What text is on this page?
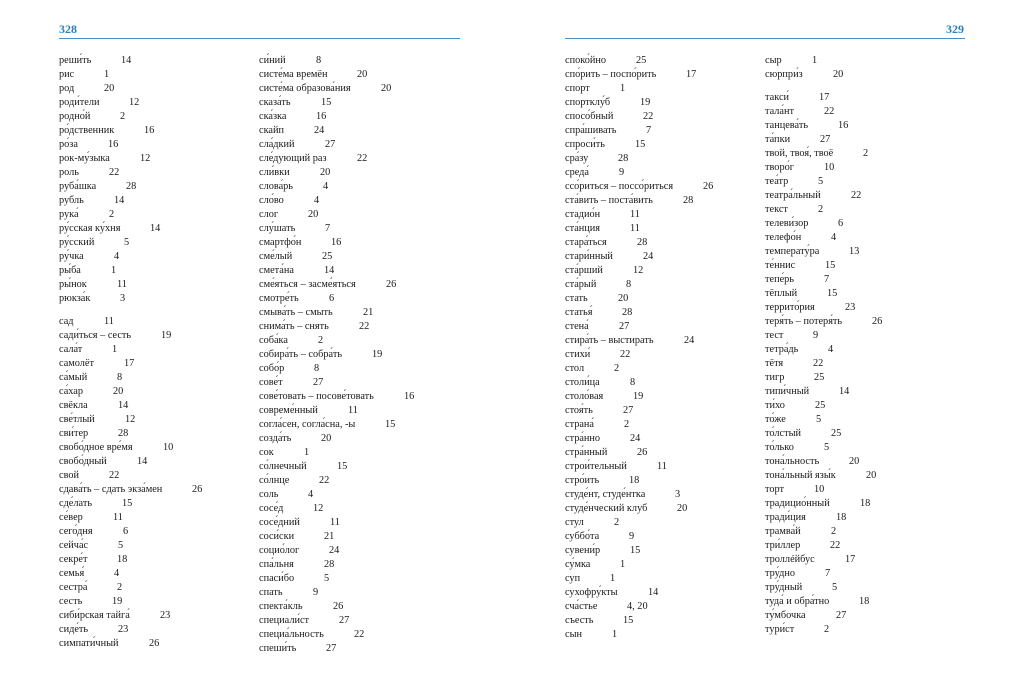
328	329
реши́ть	14
рис	1
род	20
роди́тели	12
родно́й	2
ро́дственник	16
ро́за	16
рок-му́зыка	12
роль	22
руба́шка	28
рубль	14
рука́	2
ру́сская ку́хня	14
ру́сский	5
ру́чка	4
ры́ба	1
ры́нок	11
рюкза́к	3
сад	11
сади́ться – сесть	19
сала́т	1
самолёт	17
са́мый	8
са́хар	20
свёкла	14
све́тлый	12
сви́тер	28
свобо́дное вре́мя	10
свобо́дный	14
свой	22
сдава́ть – сдать экза́мен	26
сде́лать	15
се́вер	11
сего́дня	6
сейча́с	5
секре́т	18
семья́	4
сестра́	2
сесть	19
сиби́рская тайга́	23
сиде́ть	23
симпати́чный	26
си́ний	8
систе́ма времён	20
систе́ма образова́ния	20
сказа́ть	15
ска́зка	16
скайп	24
сла́дкий	27
сле́дующий раз	22
сли́вки	20
слова́рь	4
сло́во	4
слог	20
слу́шать	7
смартфо́н	16
сме́лый	25
смета́на	14
сме́яться – засме́яться	26
смотре́ть	6
смыва́ть – смыть	21
снима́ть – снять	22
соба́ка	2
собира́ть – собра́ть	19
собо́р	8
сове́т	27
сове́товать – посове́товать	16
совреме́нный	11
согла́сен, согла́сна, -ы	15
созда́ть	20
сок	1
со́лнечный	15
со́лнце	22
соль	4
сосе́д	12
сосе́дний	11
соси́ски	21
социо́лог	24
спа́льня	28
спаси́бо	5
спать	9
спекта́кль	26
специали́ст	27
специа́льность	22
спеши́ть	27
споко́йно	25
спо́рить – поспо́рить	17
спорт	1
спортклу́б	19
спосо́бный	22
спра́шивать	7
спроси́ть	15
сра́зу	28
среда́	9
ссо́риться – поссо́риться	26
ста́вить – поста́вить	28
стадио́н	11
ста́нция	11
стара́ться	28
стари́нный	24
ста́рший	12
ста́рый	8
стать	20
статья́	28
стена́	27
стира́ть – выстирать	24
стихи́	22
стол	2
столи́ца	8
столо́вая	19
стоя́ть	27
страна́	2
стра́нно	24
стра́нный	26
строи́тельный	11
стро́ить	18
студе́нт, студе́нтка	3
студе́нческий клуб	20
стул	2
суббо́та	9
сувени́р	15
су́мка	1
суп	1
сухофру́кты	14
сча́стье	4, 20
съесть	15
сын	1
сыр	1
сюрпри́з	20
такси́	17
тала́нт	22
танцева́ть	16
та́пки	27
твой, твоя́, твоё	2
творо́г	10
теа́тр	5
театра́льный	22
текст	2
телеви́зор	6
телефо́н	4
температу́ра	13
те́ннис	15
тепе́рь	7
тёплый	15
террито́рия	23
теря́ть – потеря́ть	26
тест	9
тетра́дь	4
тётя	22
тигр	25
типи́чный	14
ти́хо	25
то́же	5
то́лстый	25
то́лько	5
тона́льность	20
тона́льный язы́к	20
торт	10
традицио́нный	18
тради́ция	18
трамва́й	2
три́ллер	22
троллéйбус	17
тру́дно	7
тру́дный	5
туда́ и обра́тно	18
ту́мбочка	27
тури́ст	2
